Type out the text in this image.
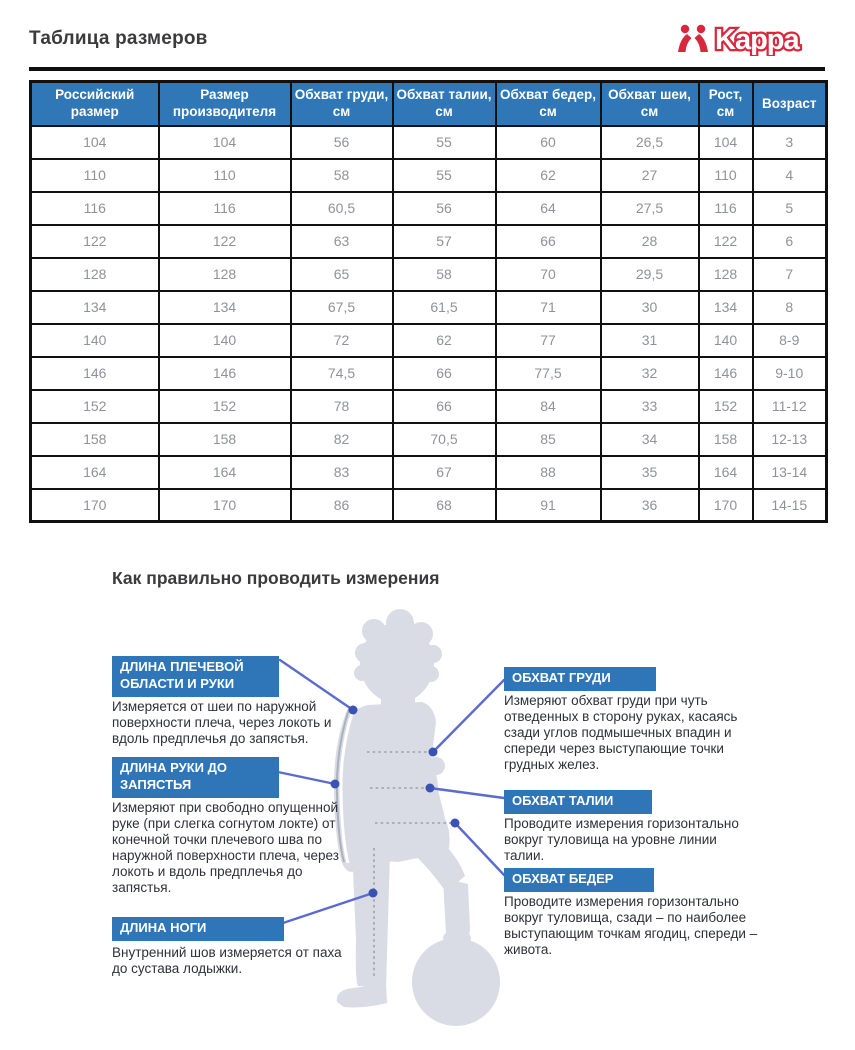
Таблица размеров	Kappa
Российский размер	Размер производителя	Обхват груди, см	Обхват талии, см	Обхват бедер, см	Обхват шеи, см	Рост, см	Возраст
104	104	56	55	60	26,5	104	3
110	110	58	55	62	27	110	4
116	116	60,5	56	64	27,5	116	5
122	122	63	57	66	28	122	6
128	128	65	58	70	29,5	128	7
134	134	67,5	61,5	71	30	134	8
140	140	72	62	77	31	140	8-9
146	146	74,5	66	77,5	32	146	9-10
152	152	78	66	84	33	152	11-12
158	158	82	70,5	85	34	158	12-13
164	164	83	67	88	35	164	13-14
170	170	86	68	91	36	170	14-15
Как правильно проводить измерения
ДЛИНА ПЛЕЧЕВОЙ ОБЛАСТИ И РУКИ
Измеряется от шеи по наружной поверхности плеча, через локоть и вдоль предплечья до запястья.
ДЛИНА РУКИ ДО ЗАПЯСТЬЯ
Измеряют при свободно опущенной руке (при слегка согнутом локте) от конечной точки плечевого шва по наружной поверхности плеча, через локоть и вдоль предплечья до запястья.
ДЛИНА НОГИ
Внутренний шов измеряется от паха до сустава лодыжки.
ОБХВАТ ГРУДИ
Измеряют обхват груди при чуть отведенных в сторону руках, касаясь сзади углов подмышечных впадин и спереди через выступающие точки грудных желез.
ОБХВАТ ТАЛИИ
Проводите измерения горизонтально вокруг туловища на уровне линии талии.
ОБХВАТ БЕДЕР
Проводите измерения горизонтально вокруг туловища, сзади – по наиболее выступающим точкам ягодиц, спереди – живота.
